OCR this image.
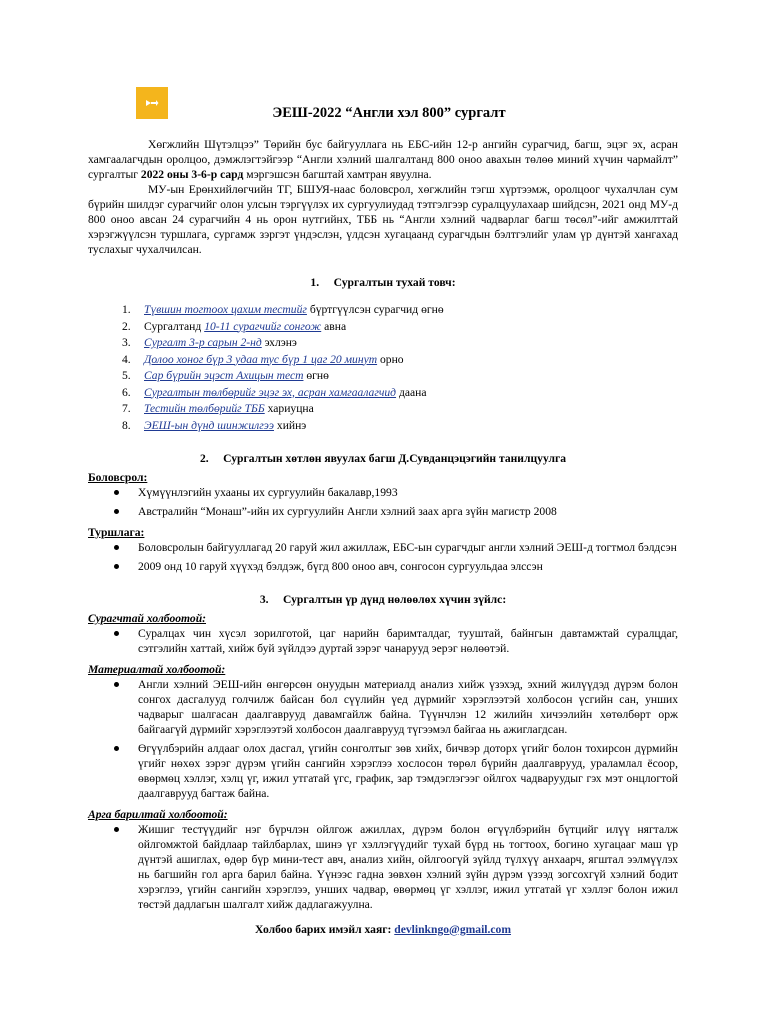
ЭЕШ-2022 “Англи хэл 800” сургалт

Хөгжлийн Шүтэлцээ” Төрийн бус байгууллага нь ЕБС-ийн 12-р ангийн сурагчид, багш, эцэг эх, асран хамгаалагчдын оролцоо, дэмжлэгтэйгээр “Англи хэлний шалгалтанд 800 оноо авахын төлөө миний хүчин чармайлт” сургалтыг 2022 оны 3-6-р сард мэргэшсэн багштай хамтран явуулна.

МУ-ын Ерөнхийлөгчийн ТГ, БШУЯ-наас боловсрол, хөгжлийн тэгш хүртээмж, оролцоог чухалчлан сум бүрийн шилдэг сурагчийг олон улсын тэргүүлэх их сургуулиудад тэтгэлгээр суралцуулахаар шийдсэн, 2021 онд МУ-д 800 оноо авсан 24 сурагчийн 4 нь орон нутгийнх, ТББ нь “Англи хэлний чадварлаг багш төсөл”-ийг амжилттай хэрэгжүүлсэн туршлага, сургамж зэргэт үндэслэн, үлдсэн хугацаанд сурагчдын бэлтгэлийг улам үр дүнтэй хангахад туслахыг чухалчилсан.

1.     Сургалтын тухай товч:
1. Түвшин тогтоох цахим тестийг бүртгүүлсэн сурагчид өгнө
2. Сургалтанд 10-11 сурагчийг сонгож авна
3. Сургалт 3-р сарын 2-нд эхлэнэ
4. Долоо хоног бүр 3 удаа тус бүр 1 цаг 20 минут орно
5. Сар бүрийн эцэст Ахицын тест өгнө
6. Сургалтын төлбөрийг эцэг эх, асран хамгаалагчид даана
7. Тестийн төлбөрийг ТББ хариуцна
8. ЭЕШ-ын дүнд шинжилгээ хийнэ
2.     Сургалтын хөтлөн явуулах багш Д.Сувданцэцэгийн танилцуулга
Боловсрол:
Хүмүүнлэгийн ухааны их сургуулийн бакалавр,1993
Австралийн “Монаш”-ийн их сургуулийн Англи хэлний заах арга зүйн магистр 2008
Туршлага:
Боловсролын байгууллагад 20 гаруй жил ажиллаж, ЕБС-ын сурагчдыг англи хэлний ЭЕШ-д тогтмол бэлдсэн
2009 онд 10 гаруй хүүхэд бэлдэж, бүгд 800 оноо авч, сонгосон сургуульдаа элссэн
3.     Сургалтын үр дүнд нөлөөлөх хүчин зүйлс:
Сурагчтай холбоотой:
Суралцах чин хүсэл зорилготой, цаг нарийн баримталдаг, тууштай, байнгын давтамжтай суралцдаг, сэтгэлийн хаттай, хийж буй зүйлдээ дуртай зэрэг чанарууд эерэг нөлөөтэй.
Материалтай холбоотой:
Англи хэлний ЭЕШ-ийн өнгөрсөн онуудын материалд анализ хийж үзэхэд, эхний жилүүдэд дүрэм болон сонгох дасгалууд голчилж байсан бол сүүлийн үед дүрмийг хэрэглээтэй холбосон үсгийн сан, унших чадварыг шалгасан даалгаврууд давамгайлж байна. Түүнчлэн 12 жилийн хичээлийн хөтөлбөрт орж байгаагүй дүрмийг хэрэглээтэй холбосон даалгаврууд түгээмэл байгаа нь ажиглагдсан.
Өгүүлбэрийн алдааг олох дасгал, үгийн сонголтыг зөв хийх, бичвэр доторх үгийг болон тохирсон дүрмийн үгийг нөхөх зэрэг дүрэм үгийн сангийн хэрэглээ хослосон төрөл бүрийн даалгаврууд, ураламлал ёсоор, өвөрмөц хэллэг, хэлц үг, ижил утгатай үгс, график, зар тэмдэглэгээг ойлгох чадваруудыг гэх мэт онцлогтой даалгаврууд багтаж байна.
Арга барилтай холбоотой:
Жишиг тестүүдийг нэг бүрчлэн ойлгож ажиллах, дүрэм болон өгүүлбэрийн бүтцийг илүү нягталж ойлгомжтой байдлаар тайлбарлах, шинэ үг хэллэгүүдийг тухай бүрд нь тогтоох, богино хугацааг маш үр дүнтэй ашиглах, өдөр бүр мини-тест авч, анализ хийн, ойлгоогүй зүйлд түлхүү анхаарч, ягштал ээлмүүлэх нь багшийн гол арга барил байна. Үүнээс гадна зөвхөн хэлний зүйн дүрэм үзээд зогсохгүй хэлний бодит хэрэглээ, үгийн сангийн хэрэглээ, унших чадвар, өвөрмөц үг хэллэг, ижил утгатай үг хэллэг болон ижил төстэй дадлагын шалгалт хийж дадлагажуулна.
Холбоо барих имэйл хаяг: devlinkngo@gmail.com
